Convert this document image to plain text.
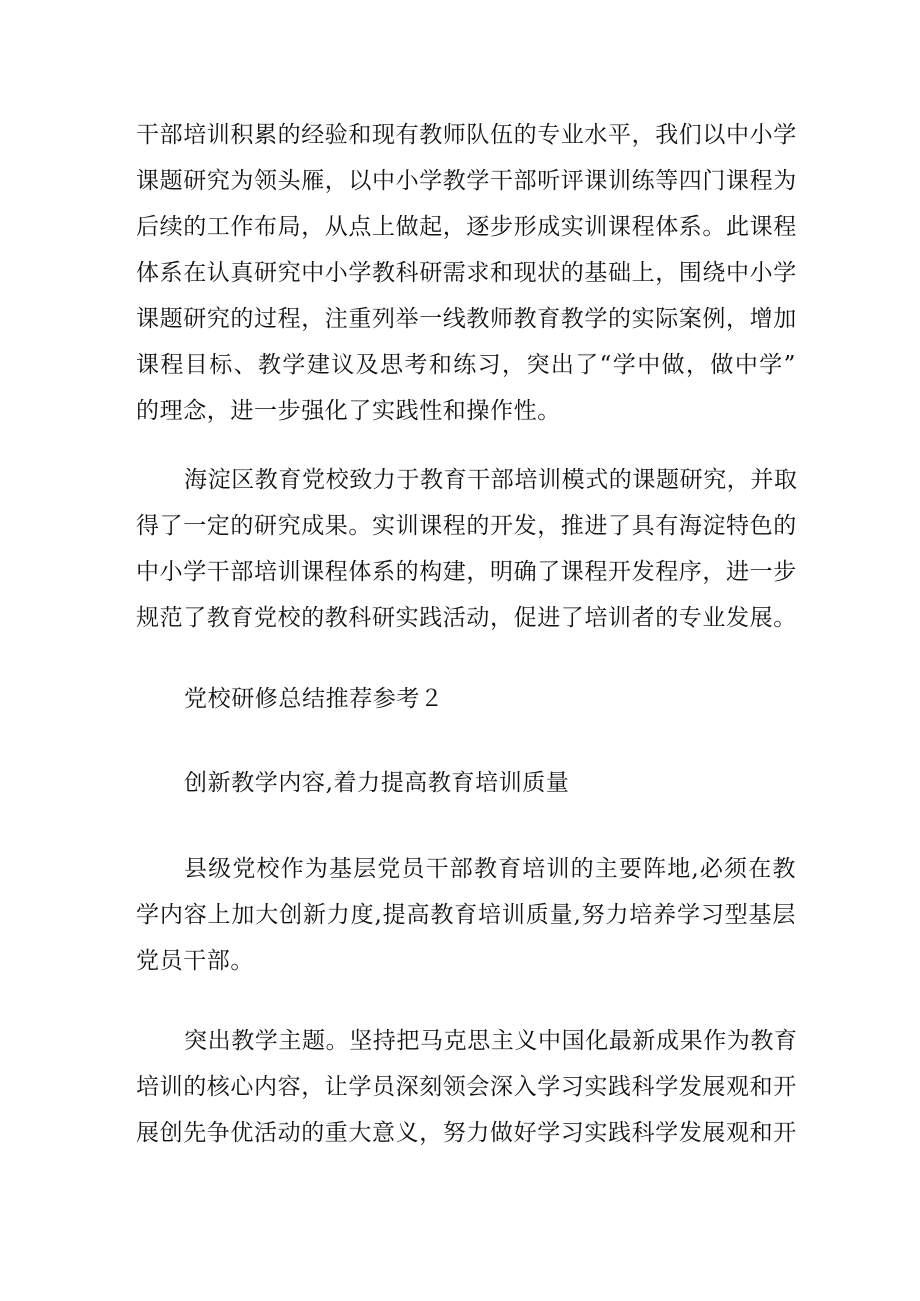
干部培训积累的经验和现有教师队伍的专业水平，我们以中小学
课题研究为领头雁，以中小学教学干部听评课训练等四门课程为
后续的工作布局，从点上做起，逐步形成实训课程体系。此课程
体系在认真研究中小学教科研需求和现状的基础上，围绕中小学
课题研究的过程，注重列举一线教师教育教学的实际案例，增加
课程目标、教学建议及思考和练习，突出了“学中做，做中学”
的理念，进一步强化了实践性和操作性。
海淀区教育党校致力于教育干部培训模式的课题研究，并取
得了一定的研究成果。实训课程的开发，推进了具有海淀特色的
中小学干部培训课程体系的构建，明确了课程开发程序，进一步
规范了教育党校的教科研实践活动，促进了培训者的专业发展。
党校研修总结推荐参考２
创新教学内容,着力提高教育培训质量
县级党校作为基层党员干部教育培训的主要阵地,必须在教
学内容上加大创新力度,提高教育培训质量,努力培养学习型基层
党员干部。
突出教学主题。坚持把马克思主义中国化最新成果作为教育
培训的核心内容，让学员深刻领会深入学习实践科学发展观和开
展创先争优活动的重大意义，努力做好学习实践科学发展观和开
